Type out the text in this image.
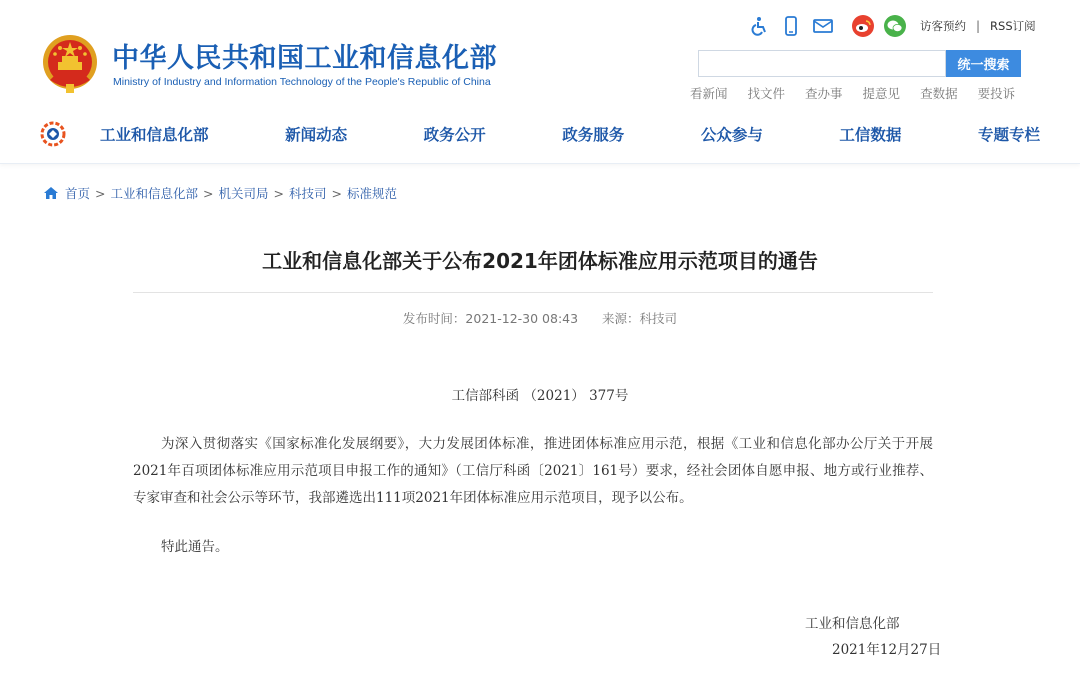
中华人民共和国工业和信息化部
Ministry of Industry and Information Technology of the People's Republic of China
访客预约 | RSS订阅
统一搜索
看新闻 找文件 查办事 提意见 查数据 要投诉
工业和信息化部	新闻动态	政务公开	政务服务	公众参与	工信数据	专题专栏
首页 > 工业和信息化部 > 机关司局 > 科技司 > 标准规范
工业和信息化部关于公布2021年团体标准应用示范项目的通告
发布时间：2021-12-30 08:43 来源：科技司
工信部科函 （2021） 377号

为深入贯彻落实《国家标准化发展纲要》，大力发展团体标准，推进团体标准应用示范，根据《工业和信息化部办公厅关于开展2021年百项团体标准应用示范项目申报工作的通知》（工信厅科函〔2021〕161号）要求，经社会团体自愿申报、地方或行业推荐、专家审查和社会公示等环节，我部遴选出111项2021年团体标准应用示范项目，现予以公布。

特此通告。
工业和信息化部
2021年12月27日
